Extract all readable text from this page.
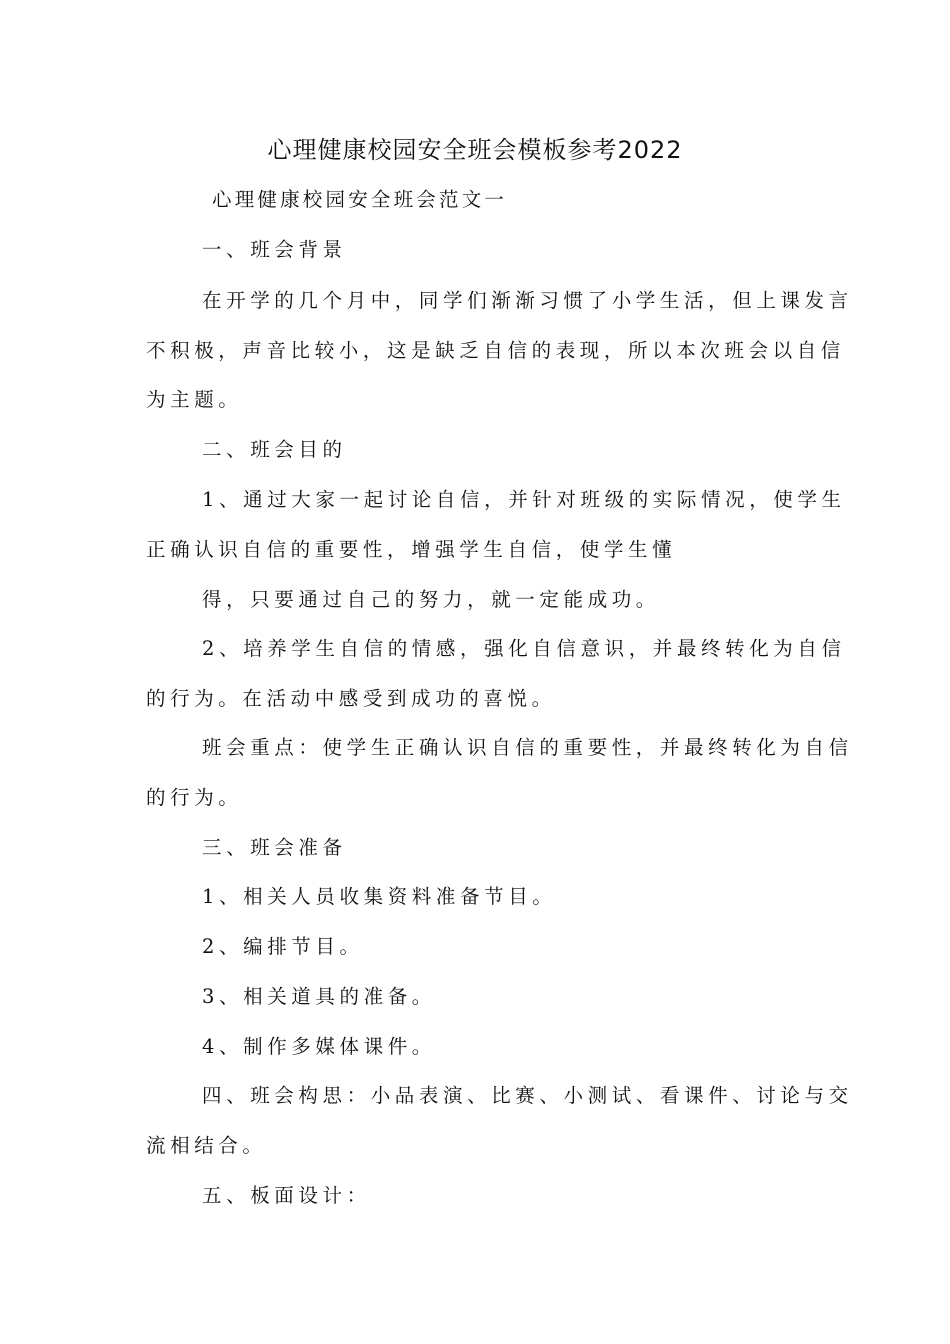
心理健康校园安全班会模板参考2022
心理健康校园安全班会范文一
一、班会背景
在开学的几个月中，同学们渐渐习惯了小学生活，但上课发言
不积极，声音比较小，这是缺乏自信的表现，所以本次班会以自信
为主题。
二、班会目的
1、通过大家一起讨论自信，并针对班级的实际情况，使学生
正确认识自信的重要性，增强学生自信，使学生懂
得，只要通过自己的努力，就一定能成功。
2、培养学生自信的情感，强化自信意识，并最终转化为自信
的行为。在活动中感受到成功的喜悦。
班会重点：使学生正确认识自信的重要性，并最终转化为自信
的行为。
三、班会准备
1、相关人员收集资料准备节目。
2、编排节目。
3、相关道具的准备。
4、制作多媒体课件。
四、班会构思：小品表演、比赛、小测试、看课件、讨论与交
流相结合。
五、板面设计：
